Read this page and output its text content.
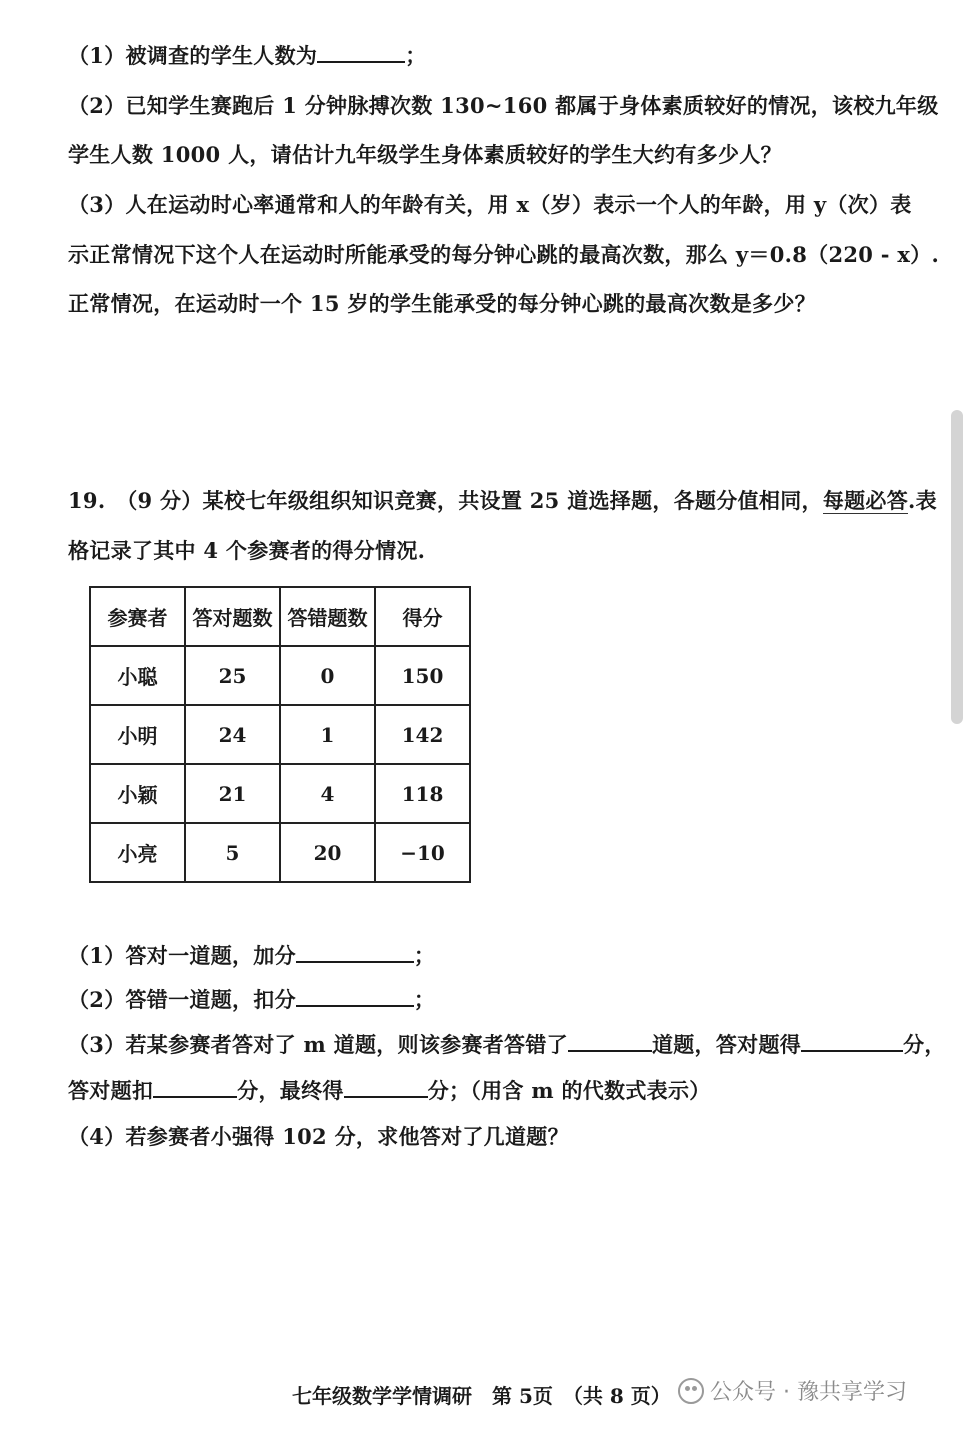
（1）被调查的学生人数为	；
（2）已知学生赛跑后 1 分钟脉搏次数 130~160 都属于身体素质较好的情况，该校九年级
学生人数 1000 人，请估计九年级学生身体素质较好的学生大约有多少人？
（3）人在运动时心率通常和人的年龄有关，用 x（岁）表示一个人的年龄，用 y（次）表
示正常情况下这个人在运动时所能承受的每分钟心跳的最高次数，那么 y＝0.8（220 - x）.
正常情况，在运动时一个 15 岁的学生能承受的每分钟心跳的最高次数是多少？
19.　（9 分）某校七年级组织知识竞赛，共设置 25 道选择题，各题分值相同，每题必答.表
格记录了其中 4 个参赛者的得分情况.
参赛者	答对题数	答错题数	得分
小聪	25	0	150
小明	24	1	142
小颖	21	4	118
小亮	5	20	−10
（1）答对一道题，加分	；
（2）答错一道题，扣分	；
（3）若某参赛者答对了 m 道题，则该参赛者答错了	道题，答对题得	分，
答对题扣	分，最终得	分；（用含 m 的代数式表示）
（4）若参赛者小强得 102 分，求他答对了几道题？
七年级数学学情调研　第 5页　（共 8 页） 公众号 · 豫共享学习
